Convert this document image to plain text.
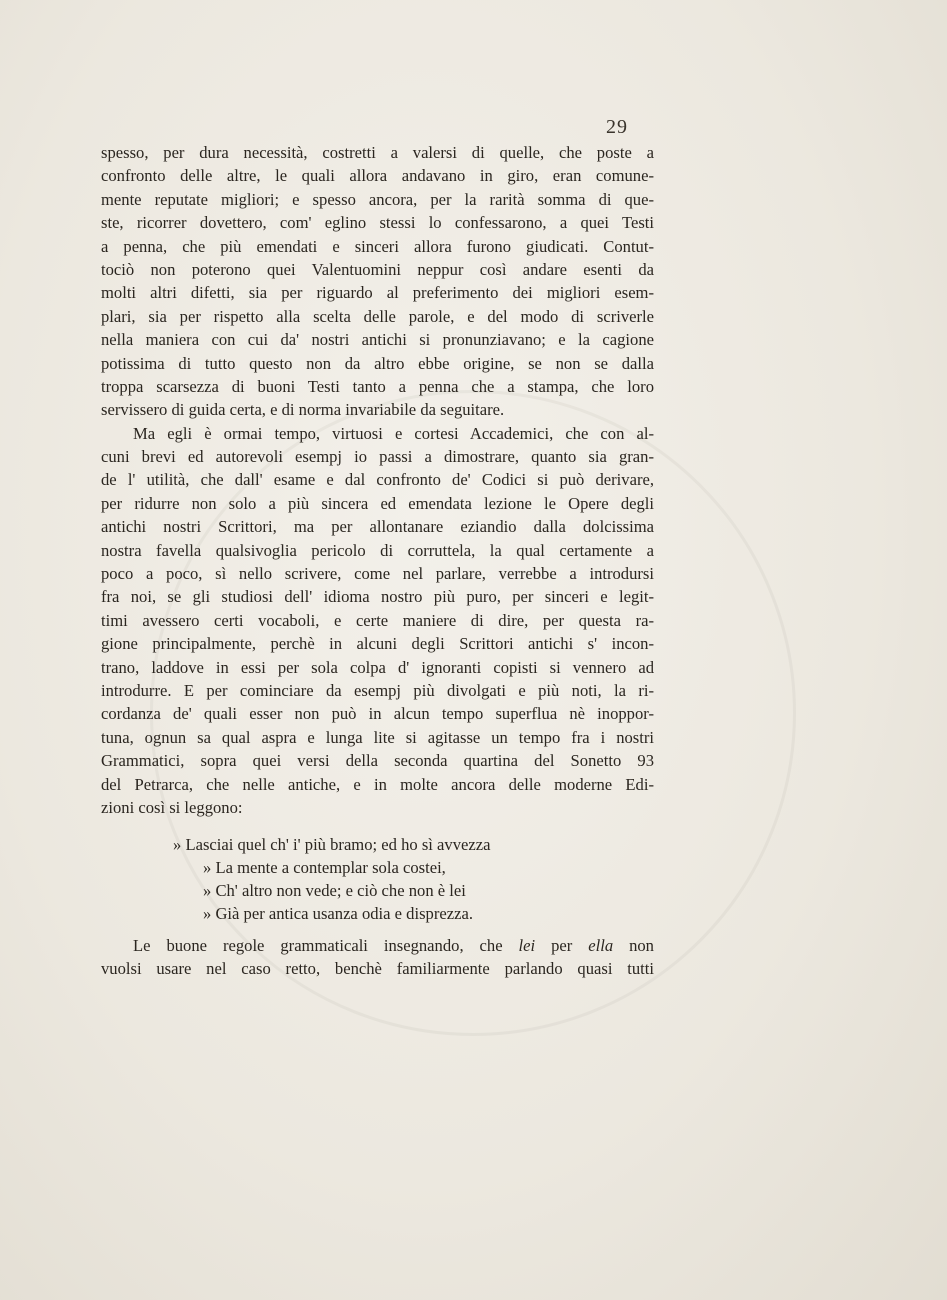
29
spesso, per dura necessità, costretti a valersi di quelle, che poste a
confronto delle altre, le quali allora andavano in giro, eran comune-
mente reputate migliori; e spesso ancora, per la rarità somma di que-
ste, ricorrer dovettero, com' eglino stessi lo confessarono, a quei Testi
a penna, che più emendati e sinceri allora furono giudicati. Contut-
tociò non poterono quei Valentuomini neppur così andare esenti da
molti altri difetti, sia per riguardo al preferimento dei migliori esem-
plari, sia per rispetto alla scelta delle parole, e del modo di scriverle
nella maniera con cui da' nostri antichi si pronunziavano; e la cagione
potissima di tutto questo non da altro ebbe origine, se non se dalla
troppa scarsezza di buoni Testi tanto a penna che a stampa, che loro
servissero di guida certa, e di norma invariabile da seguitare.
Ma egli è ormai tempo, virtuosi e cortesi Accademici, che con al-
cuni brevi ed autorevoli esempj io passi a dimostrare, quanto sia gran-
de l' utilità, che dall' esame e dal confronto de' Codici si può derivare,
per ridurre non solo a più sincera ed emendata lezione le Opere degli
antichi nostri Scrittori, ma per allontanare eziandio dalla dolcissima
nostra favella qualsivoglia pericolo di corruttela, la qual certamente a
poco a poco, sì nello scrivere, come nel parlare, verrebbe a introdursi
fra noi, se gli studiosi dell' idioma nostro più puro, per sinceri e legit-
timi avessero certi vocaboli, e certe maniere di dire, per questa ra-
gione principalmente, perchè in alcuni degli Scrittori antichi s' incon-
trano, laddove in essi per sola colpa d' ignoranti copisti si vennero ad
introdurre. E per cominciare da esempj più divolgati e più noti, la ri-
cordanza de' quali esser non può in alcun tempo superflua nè inoppor-
tuna, ognun sa qual aspra e lunga lite si agitasse un tempo fra i nostri
Grammatici, sopra quei versi della seconda quartina del Sonetto 93
del Petrarca, che nelle antiche, e in molte ancora delle moderne Edi-
zioni così si leggono:
» Lasciai quel ch' i' più bramo; ed ho sì avvezza
» La mente a contemplar sola costei,
» Ch' altro non vede; e ciò che non è lei
» Già per antica usanza odia e disprezza.
Le buone regole grammaticali insegnando, che lei per ella non
vuolsi usare nel caso retto, benchè familiarmente parlando quasi tutti
